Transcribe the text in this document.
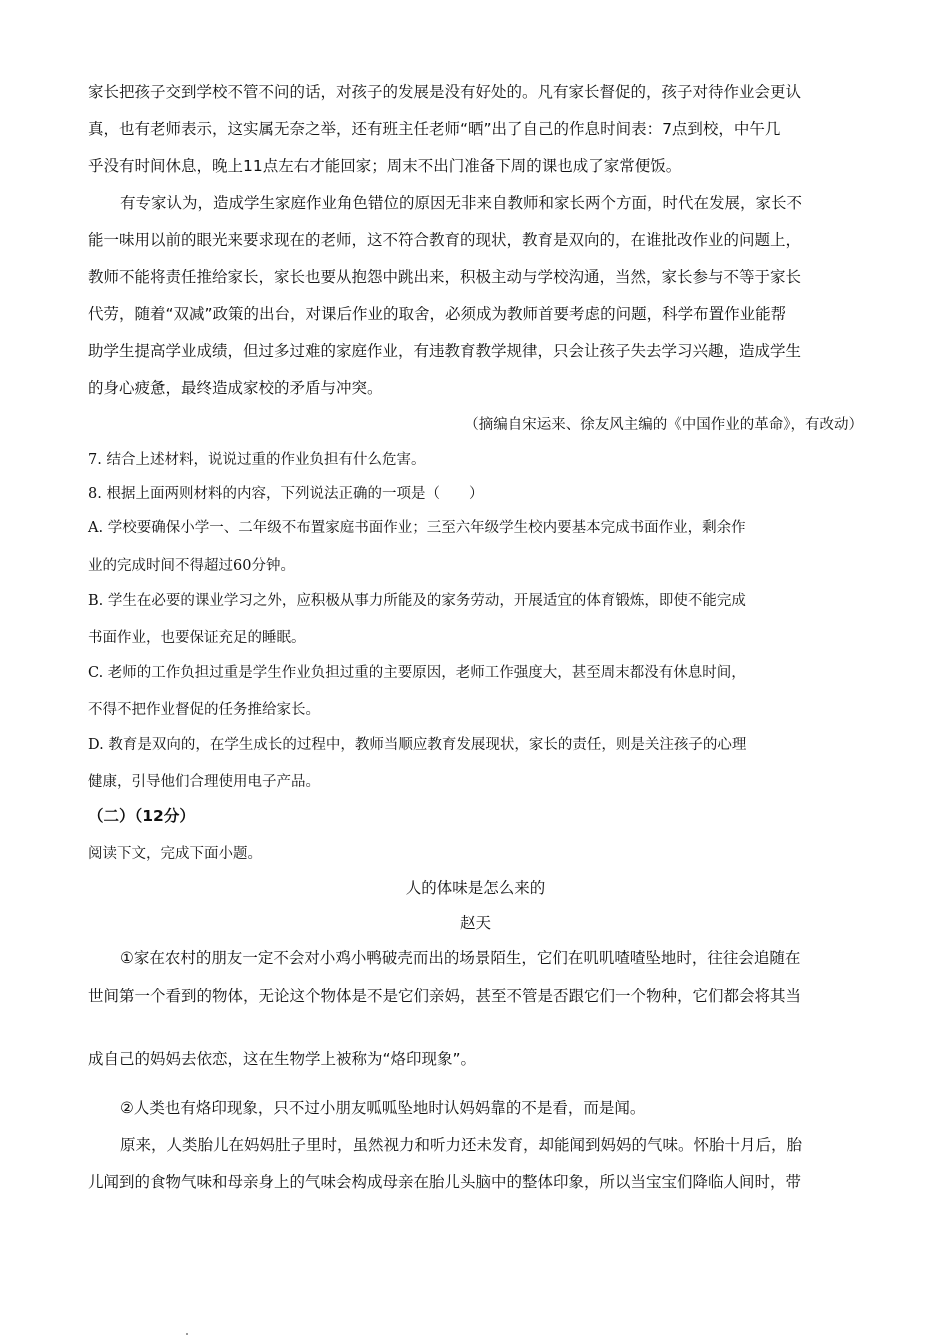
家长把孩子交到学校不管不问的话，对孩子的发展是没有好处的。凡有家长督促的，孩子对待作业会更认
真，也有老师表示，这实属无奈之举，还有班主任老师“晒”出了自己的作息时间表：7点到校，中午几
乎没有时间休息，晚上11点左右才能回家；周末不出门准备下周的课也成了家常便饭。
有专家认为，造成学生家庭作业角色错位的原因无非来自教师和家长两个方面，时代在发展，家长不
能一味用以前的眼光来要求现在的老师，这不符合教育的现状，教育是双向的，在谁批改作业的问题上，
教师不能将责任推给家长，家长也要从抱怨中跳出来，积极主动与学校沟通，当然，家长参与不等于家长
代劳，随着“双减”政策的出台，对课后作业的取舍，必须成为教师首要考虑的问题，科学布置作业能帮
助学生提高学业成绩，但过多过难的家庭作业，有违教育教学规律，只会让孩子失去学习兴趣，造成学生
的身心疲惫，最终造成家校的矛盾与冲突。
（摘编自宋运来、徐友风主编的《中国作业的革命》，有改动）
7. 结合上述材料，说说过重的作业负担有什么危害。
8. 根据上面两则材料的内容，下列说法正确的一项是（　　）
A. 学校要确保小学一、二年级不布置家庭书面作业；三至六年级学生校内要基本完成书面作业，剩余作
业的完成时间不得超过60分钟。
B. 学生在必要的课业学习之外，应积极从事力所能及的家务劳动，开展适宜的体育锻炼，即使不能完成
书面作业，也要保证充足的睡眠。
C. 老师的工作负担过重是学生作业负担过重的主要原因，老师工作强度大，甚至周末都没有休息时间，
不得不把作业督促的任务推给家长。
D. 教育是双向的，在学生成长的过程中，教师当顺应教育发展现状，家长的责任，则是关注孩子的心理
健康，引导他们合理使用电子产品。
（二）（12分）
阅读下文，完成下面小题。
人的体味是怎么来的
赵天
①家在农村的朋友一定不会对小鸡小鸭破壳而出的场景陌生，它们在叽叽喳喳坠地时，往往会追随在
世间第一个看到的物体，无论这个物体是不是它们亲妈，甚至不管是否跟它们一个物种，它们都会将其当
成自己的妈妈去依恋，这在生物学上被称为“烙印现象”。
②人类也有烙印现象，只不过小朋友呱呱坠地时认妈妈靠的不是看，而是闻。
原来，人类胎儿在妈妈肚子里时，虽然视力和听力还未发育，却能闻到妈妈的气味。怀胎十月后，胎
儿闻到的食物气味和母亲身上的气味会构成母亲在胎儿头脑中的整体印象，所以当宝宝们降临人间时，带
